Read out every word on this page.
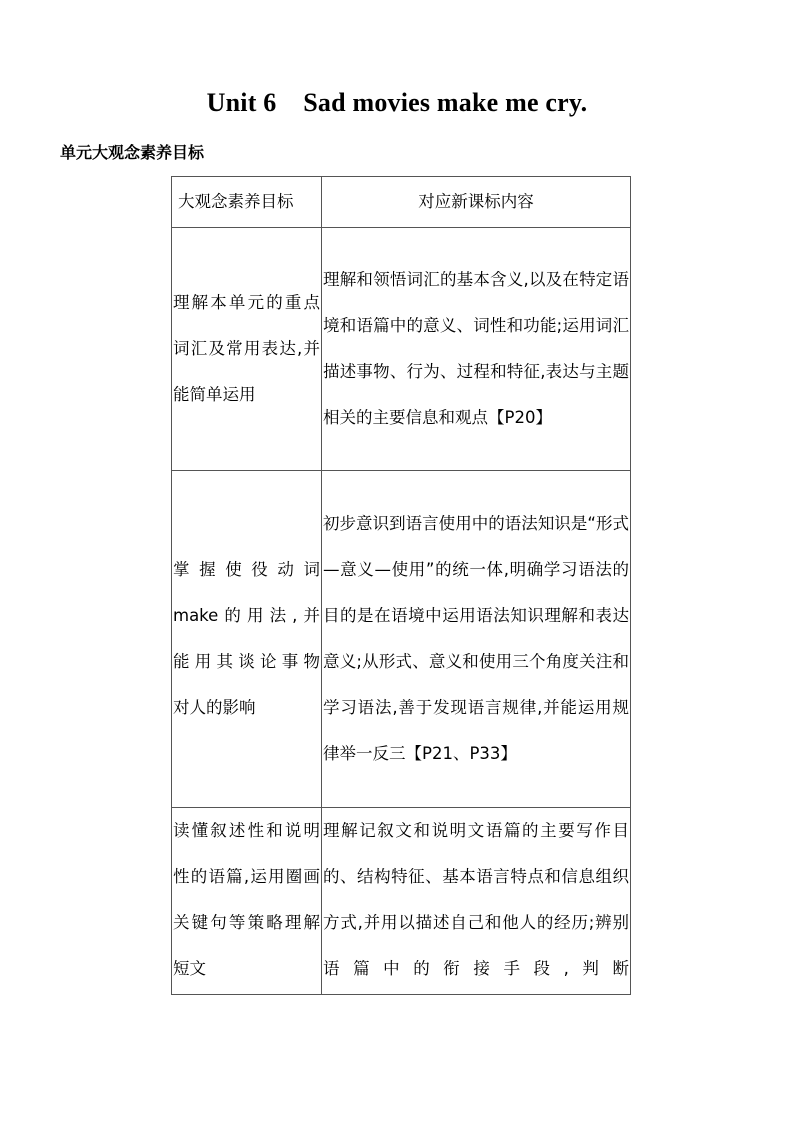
Unit 6    Sad movies make me cry.
单元大观念素养目标
大观念素养目标	对应新课标内容
理解本单元的重点词汇及常用表达,并能简单运用	理解和领悟词汇的基本含义,以及在特定语境和语篇中的意义、词性和功能;运用词汇描述事物、行为、过程和特征,表达与主题相关的主要信息和观点【P20】

掌握使役动词
make的用法,并
能用其谈论事物
对人的影响	初步意识到语言使用中的语法知识是“形式—意义—使用”的统一体,明确学习语法的目的是在语境中运用语法知识理解和表达意义;从形式、意义和使用三个角度关注和学习语法,善于发现语言规律,并能运用规律举一反三【P21、P33】
读懂叙述性和说明性的语篇,运用圈画关键句等策略理解短文	理解记叙文和说明文语篇的主要写作目的、结构特征、基本语言特点和信息组织方式,并用以描述自己和他人的经历;辨别语篇中的衔接手段,判断
